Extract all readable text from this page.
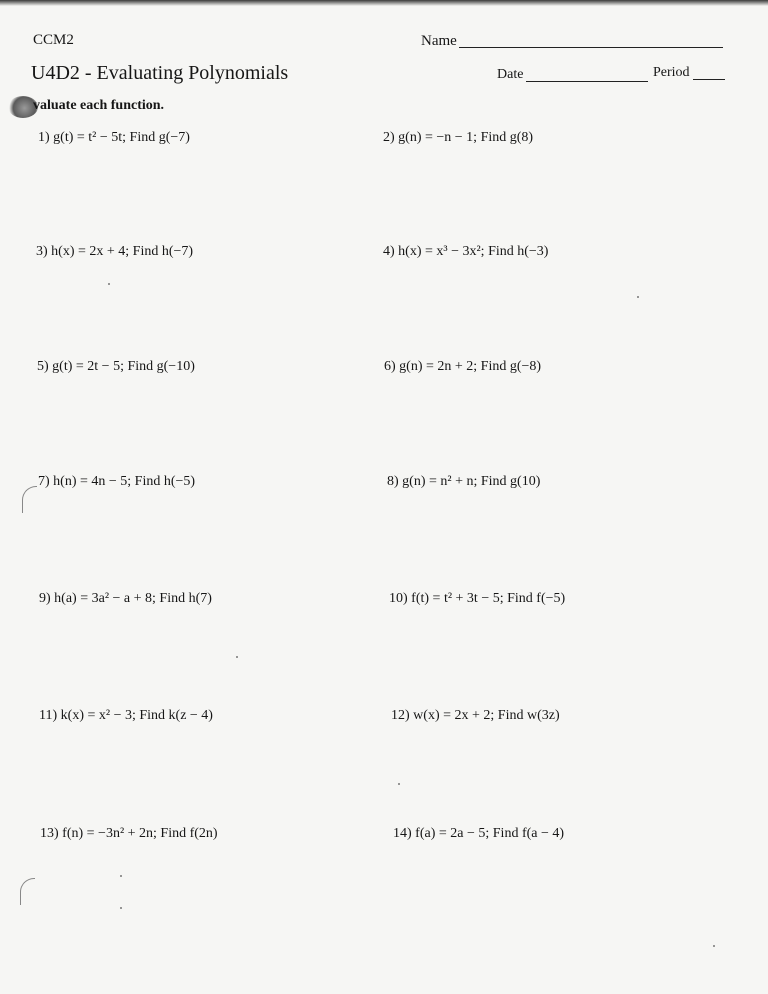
CCM2
U4D2 - Evaluating Polynomials
Name
Date	Period
valuate each function.
1) g(t) = t² − 5t; Find g(−7)	2) g(n) = −n − 1; Find g(8)
3) h(x) = 2x + 4; Find h(−7)	4) h(x) = x³ − 3x²; Find h(−3)
5) g(t) = 2t − 5; Find g(−10)	6) g(n) = 2n + 2; Find g(−8)
7) h(n) = 4n − 5; Find h(−5)	8) g(n) = n² + n; Find g(10)
9) h(a) = 3a² − a + 8; Find h(7)	10) f(t) = t² + 3t − 5; Find f(−5)
11) k(x) = x² − 3; Find k(z − 4)	12) w(x) = 2x + 2; Find w(3z)
13) f(n) = −3n² + 2n; Find f(2n)	14) f(a) = 2a − 5; Find f(a − 4)
